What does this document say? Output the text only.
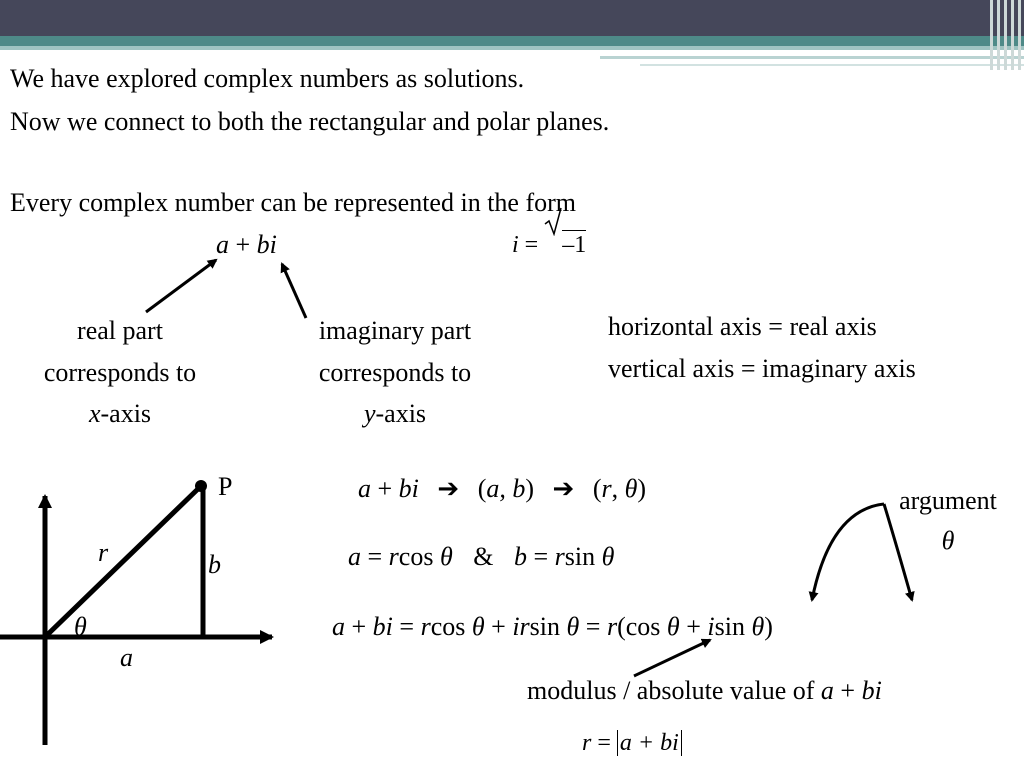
We have explored complex numbers as solutions.
Now we connect to both the rectangular and polar planes.
Every complex number can be represented in the form
a + bi	i =
–1
real part
corresponds to
x-axis
imaginary part
corresponds to
y-axis
horizontal axis = real axis
vertical axis = imaginary axis
P
r	b
θ
a
a + bi ➔ (a, b) ➔ (r, θ)	argument
θ
a = rcos θ & b = rsin θ
a + bi = rcos θ + irsin θ = r(cos θ + isin θ)
modulus / absolute value of a + bi
r = a + bi
